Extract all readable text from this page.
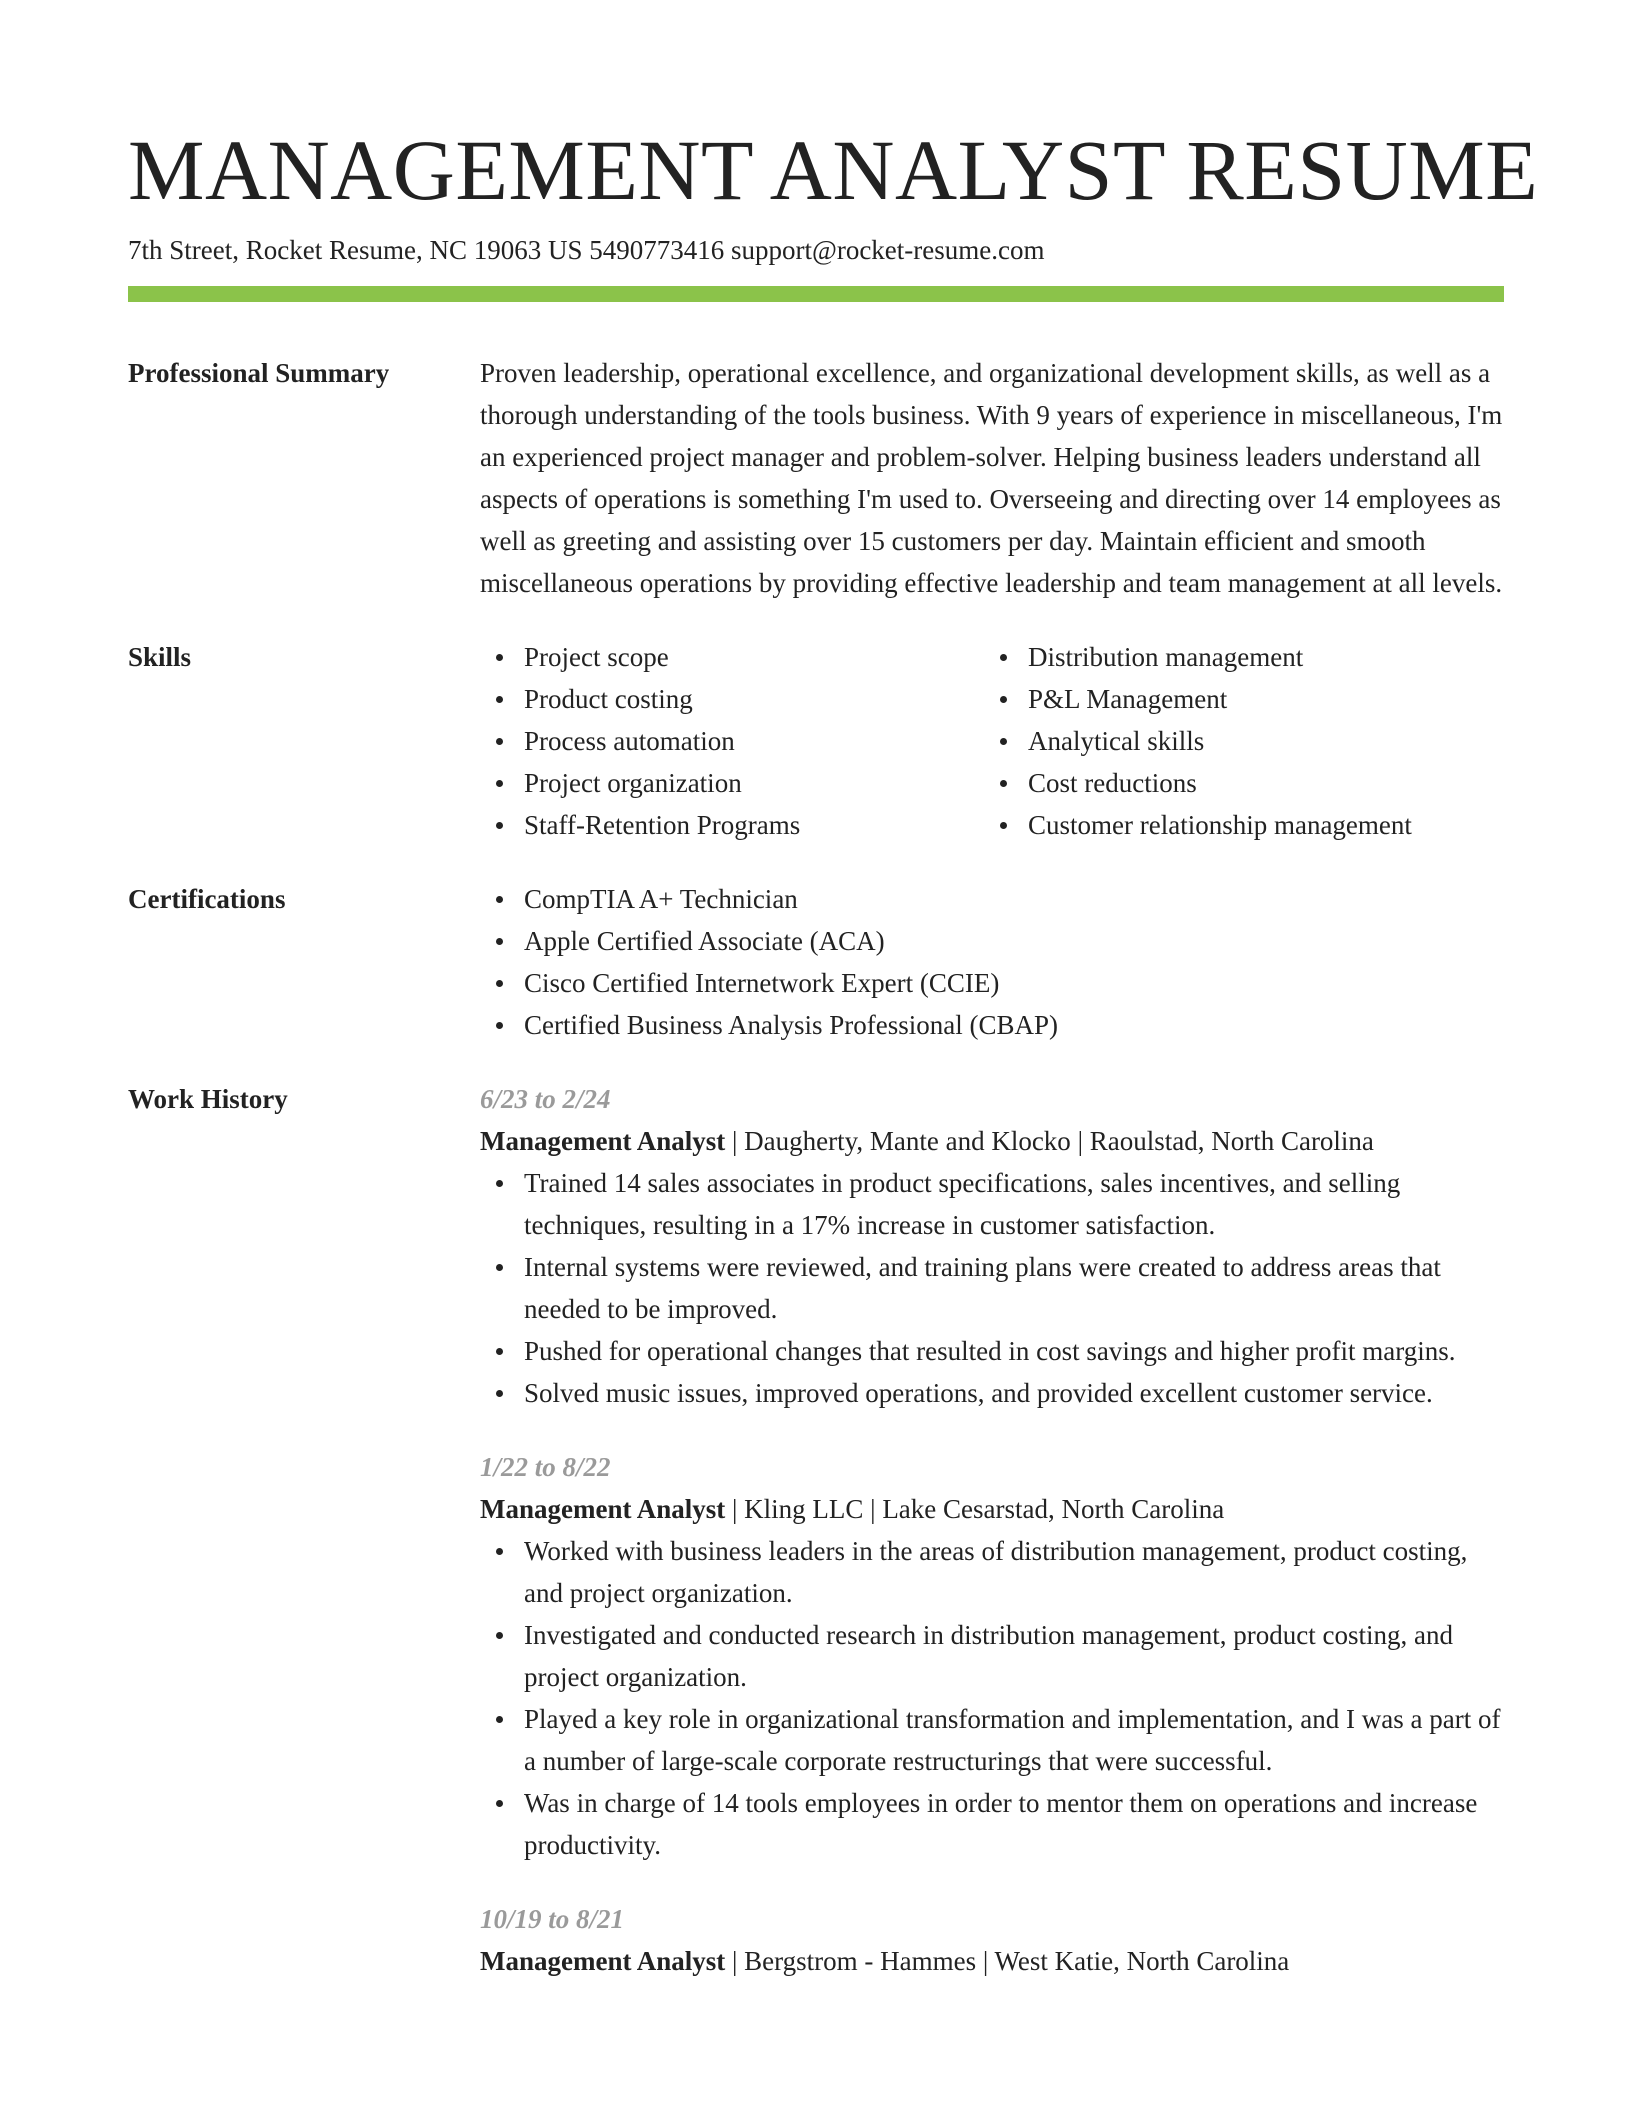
MANAGEMENT ANALYST RESUME
7th Street, Rocket Resume, NC 19063 US 5490773416 support@rocket-resume.com
Professional Summary	Proven leadership, operational excellence, and organizational development skills, as well as a thorough understanding of the tools business. With 9 years of experience in miscellaneous, I'm an experienced project manager and problem-solver. Helping business leaders understand all aspects of operations is something I'm used to. Overseeing and directing over 14 employees as well as greeting and assisting over 15 customers per day. Maintain efficient and smooth miscellaneous operations by providing effective leadership and team management at all levels.
Skills	Project scope
Product costing
Process automation
Project organization
Staff-Retention Programs
Distribution management
P&L Management
Analytical skills
Cost reductions
Customer relationship management
Certifications	CompTIA A+ Technician
Apple Certified Associate (ACA)
Cisco Certified Internetwork Expert (CCIE)
Certified Business Analysis Professional (CBAP)
Work History	6/23 to 2/24
Management Analyst | Daugherty, Mante and Klocko | Raoulstad, North Carolina
Trained 14 sales associates in product specifications, sales incentives, and selling techniques, resulting in a 17% increase in customer satisfaction.
Internal systems were reviewed, and training plans were created to address areas that needed to be improved.
Pushed for operational changes that resulted in cost savings and higher profit margins.
Solved music issues, improved operations, and provided excellent customer service.
1/22 to 8/22
Management Analyst | Kling LLC | Lake Cesarstad, North Carolina
Worked with business leaders in the areas of distribution management, product costing, and project organization.
Investigated and conducted research in distribution management, product costing, and project organization.
Played a key role in organizational transformation and implementation, and I was a part of a number of large-scale corporate restructurings that were successful.
Was in charge of 14 tools employees in order to mentor them on operations and increase productivity.
10/19 to 8/21
Management Analyst | Bergstrom - Hammes | West Katie, North Carolina
